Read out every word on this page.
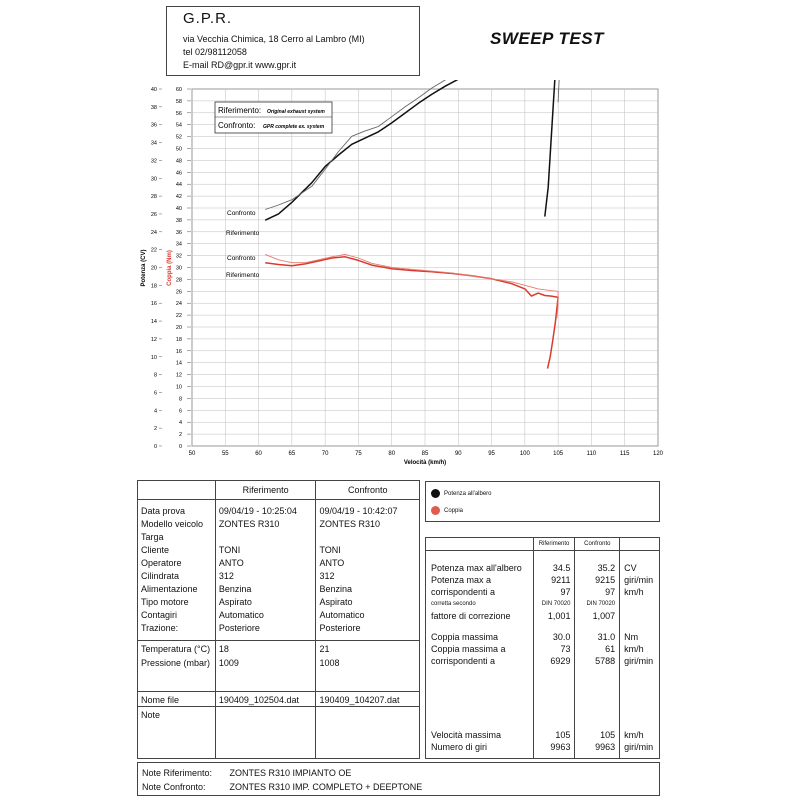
G.P.R.
via Vecchia Chimica, 18 Cerro al Lambro (MI)
tel 02/98112058
E-mail RD@gpr.it www.gpr.it
SWEEP TEST
50	55	60	65	70	75	80	85	90	95	100	105	110	115	120
0
2
4
6
8
10
12
14
16
18
20
22
24
26
28
30
32
34
36
38
40
42
44
46
48
50
52
54
56
58
60
0
2
4
6
8
10
12
14
16
18
20
22
24
26
28
30
32
34
36
38
40
Velocità (km/h)
Potenza (CV)	Coppia (Nm)
Riferimento: Original exhaust system
Confronto: GPR complete ex. system
Confronto
Riferimento
Confronto
Riferimento
Potenza all'albero
Coppia
	Riferimento	Confronto

Data prova	09/04/19 - 10:25:04	09/04/19 - 10:42:07
Modello veicolo	ZONTES R310	ZONTES R310
Targa		
Cliente	TONI	TONI
Operatore	ANTO	ANTO
Cilindrata	312	312
Alimentazione	Benzina	Benzina
Tipo motore	Aspirato	Aspirato
Contagiri	Automatico	Automatico
Trazione:	Posteriore	Posteriore

Temperatura (°C)	18	21
Pressione (mbar)	1009	1008

Nome file	190409_102504.dat	190409_104207.dat
Note		
	Riferimento	Confronto	

Potenza max all'albero	34.5	35.2	CV
Potenza max a	9211	9215	giri/min
corrispondenti a	97	97	km/h
corretta secondo	DIN 70020	DIN 70020	
fattore di correzione	1,001	1,007	

Coppia massima	30.0	31.0	Nm
Coppia massima a	73	61	km/h
corrispondenti a	6929	5788	giri/min

Velocità massima	105	105	km/h
Numero di giri	9963	9963	giri/min

Note Riferimento:	ZONTES R310 IMPIANTO OE
Note Confronto:	ZONTES R310 IMP. COMPLETO + DEEPTONE
